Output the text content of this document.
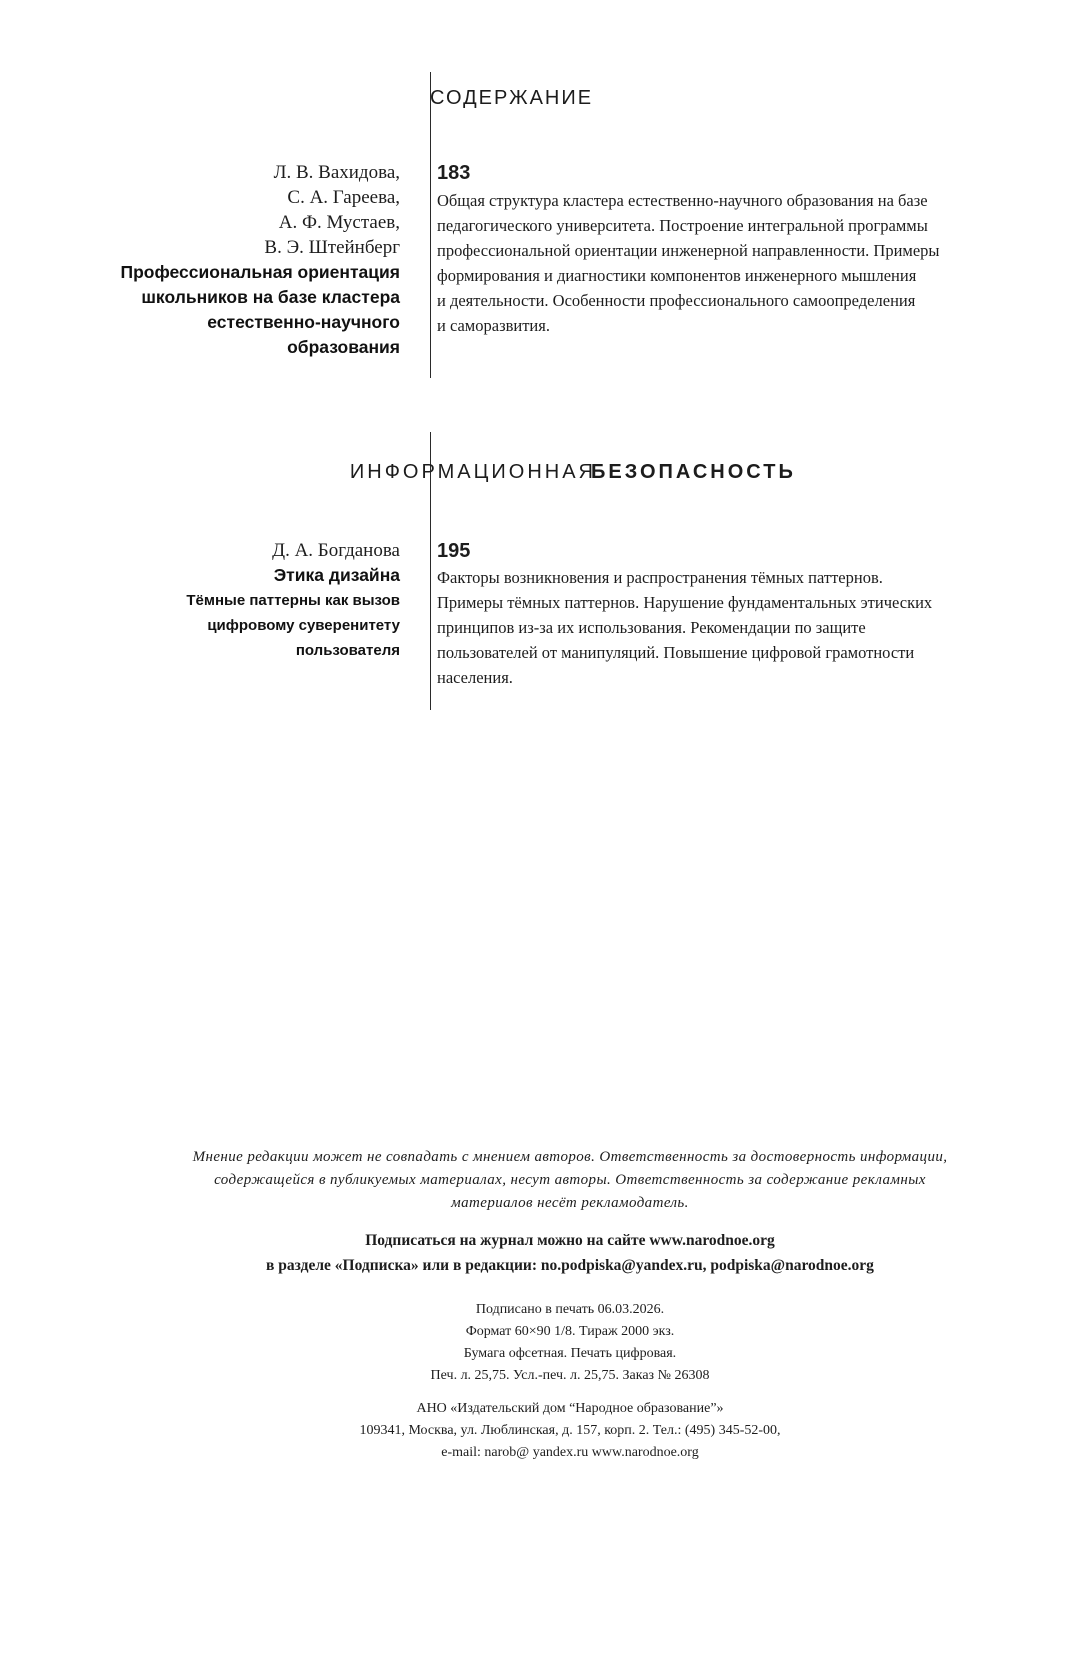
СОДЕРЖАНИЕ
Л. В. Вахидова,
С. А. Гареева,
А. Ф. Мустаев,
В. Э. Штейнберг
Профессиональная ориентация
школьников на базе кластера
естественно-научного
образования
183
Общая структура кластера естественно-научного образования на базе
педагогического университета. Построение интегральной программы
профессиональной ориентации инженерной направленности. Примеры
формирования и диагностики компонентов инженерного мышления
и деятельности. Особенности профессионального самоопределения
и саморазвития.
ИНФОРМАЦИОННАЯ
БЕЗОПАСНОСТЬ
Д. А. Богданова
Этика дизайна
Тёмные паттерны как вызов
цифровому суверенитету
пользователя
195
Факторы возникновения и распространения тёмных паттернов.
Примеры тёмных паттернов. Нарушение фундаментальных этических
принципов из-за их использования. Рекомендации по защите
пользователей от манипуляций. Повышение цифровой грамотности
населения.
Мнение редакции может не совпадать с мнением авторов. Ответственность за достоверность информации,
содержащейся в публикуемых материалах, несут авторы. Ответственность за содержание рекламных
материалов несёт рекламодатель.
Подписаться на журнал можно на сайте www.narodnoe.org
в разделе «Подписка» или в редакции: no.podpiska@yandex.ru, podpiska@narodnoe.org
Подписано в печать 06.03.2026.
Формат 60×90 1/8. Тираж 2000 экз.
Бумага офсетная. Печать цифровая.
Печ. л. 25,75. Усл.-печ. л. 25,75. Заказ № 26308
АНО «Издательский дом “Народное образование”»
109341, Москва, ул. Люблинская, д. 157, корп. 2. Тел.: (495) 345-52-00,
e-mail: narob@ yandex.ru www.narodnoe.org
